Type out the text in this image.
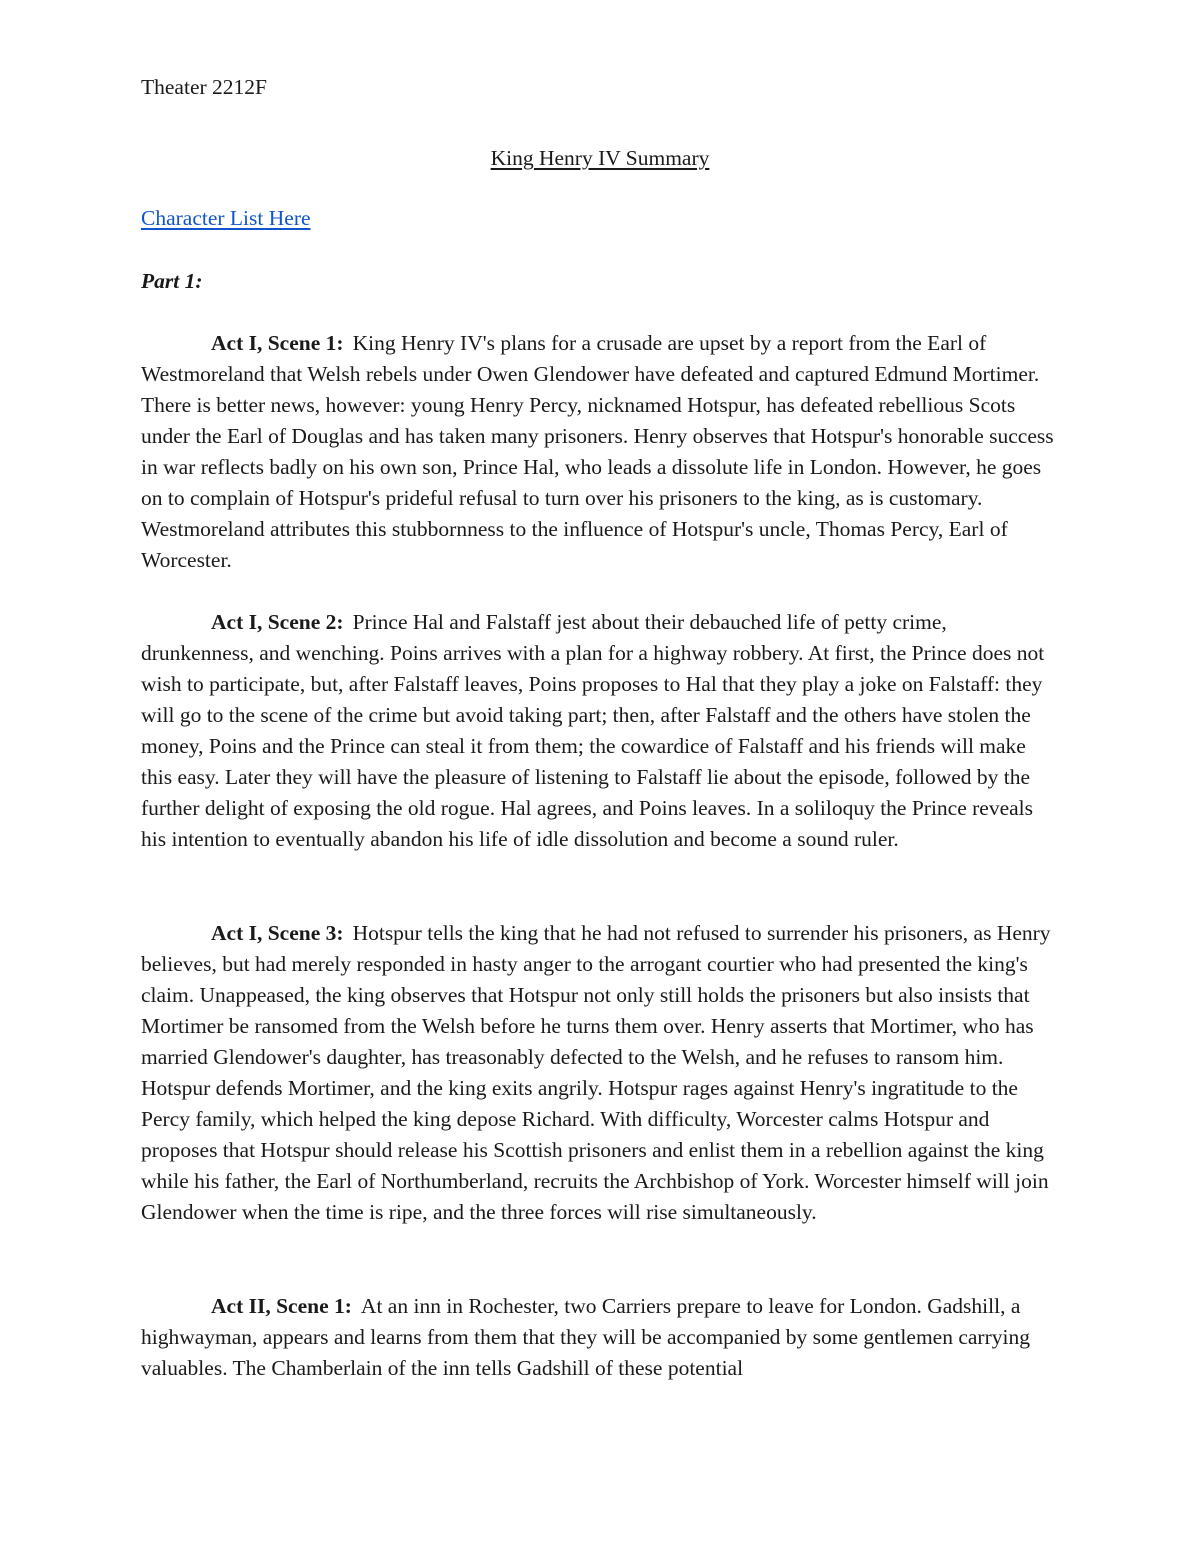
Theater 2212F

King Henry IV Summary

Character List Here

Part 1:

Act I, Scene 1: King Henry IV's plans for a crusade are upset by a report from the Earl of Westmoreland that Welsh rebels under Owen Glendower have defeated and captured Edmund Mortimer. There is better news, however: young Henry Percy, nicknamed Hotspur, has defeated rebellious Scots under the Earl of Douglas and has taken many prisoners. Henry observes that Hotspur's honorable success in war reflects badly on his own son, Prince Hal, who leads a dissolute life in London. However, he goes on to complain of Hotspur's prideful refusal to turn over his prisoners to the king, as is customary. Westmoreland attributes this stubbornness to the influence of Hotspur's uncle, Thomas Percy, Earl of Worcester.

Act I, Scene 2: Prince Hal and Falstaff jest about their debauched life of petty crime, drunkenness, and wenching. Poins arrives with a plan for a highway robbery. At first, the Prince does not wish to participate, but, after Falstaff leaves, Poins proposes to Hal that they play a joke on Falstaff: they will go to the scene of the crime but avoid taking part; then, after Falstaff and the others have stolen the money, Poins and the Prince can steal it from them; the cowardice of Falstaff and his friends will make this easy. Later they will have the pleasure of listening to Falstaff lie about the episode, followed by the further delight of exposing the old rogue. Hal agrees, and Poins leaves. In a soliloquy the Prince reveals his intention to eventually abandon his life of idle dissolution and become a sound ruler.

Act I, Scene 3: Hotspur tells the king that he had not refused to surrender his prisoners, as Henry believes, but had merely responded in hasty anger to the arrogant courtier who had presented the king's claim. Unappeased, the king observes that Hotspur not only still holds the prisoners but also insists that Mortimer be ransomed from the Welsh before he turns them over. Henry asserts that Mortimer, who has married Glendower's daughter, has treasonably defected to the Welsh, and he refuses to ransom him. Hotspur defends Mortimer, and the king exits angrily. Hotspur rages against Henry's ingratitude to the Percy family, which helped the king depose Richard. With difficulty, Worcester calms Hotspur and proposes that Hotspur should release his Scottish prisoners and enlist them in a rebellion against the king while his father, the Earl of Northumberland, recruits the Archbishop of York. Worcester himself will join Glendower when the time is ripe, and the three forces will rise simultaneously.

Act II, Scene 1: At an inn in Rochester, two Carriers prepare to leave for London. Gadshill, a highwayman, appears and learns from them that they will be accompanied by some gentlemen carrying valuables. The Chamberlain of the inn tells Gadshill of these potential
